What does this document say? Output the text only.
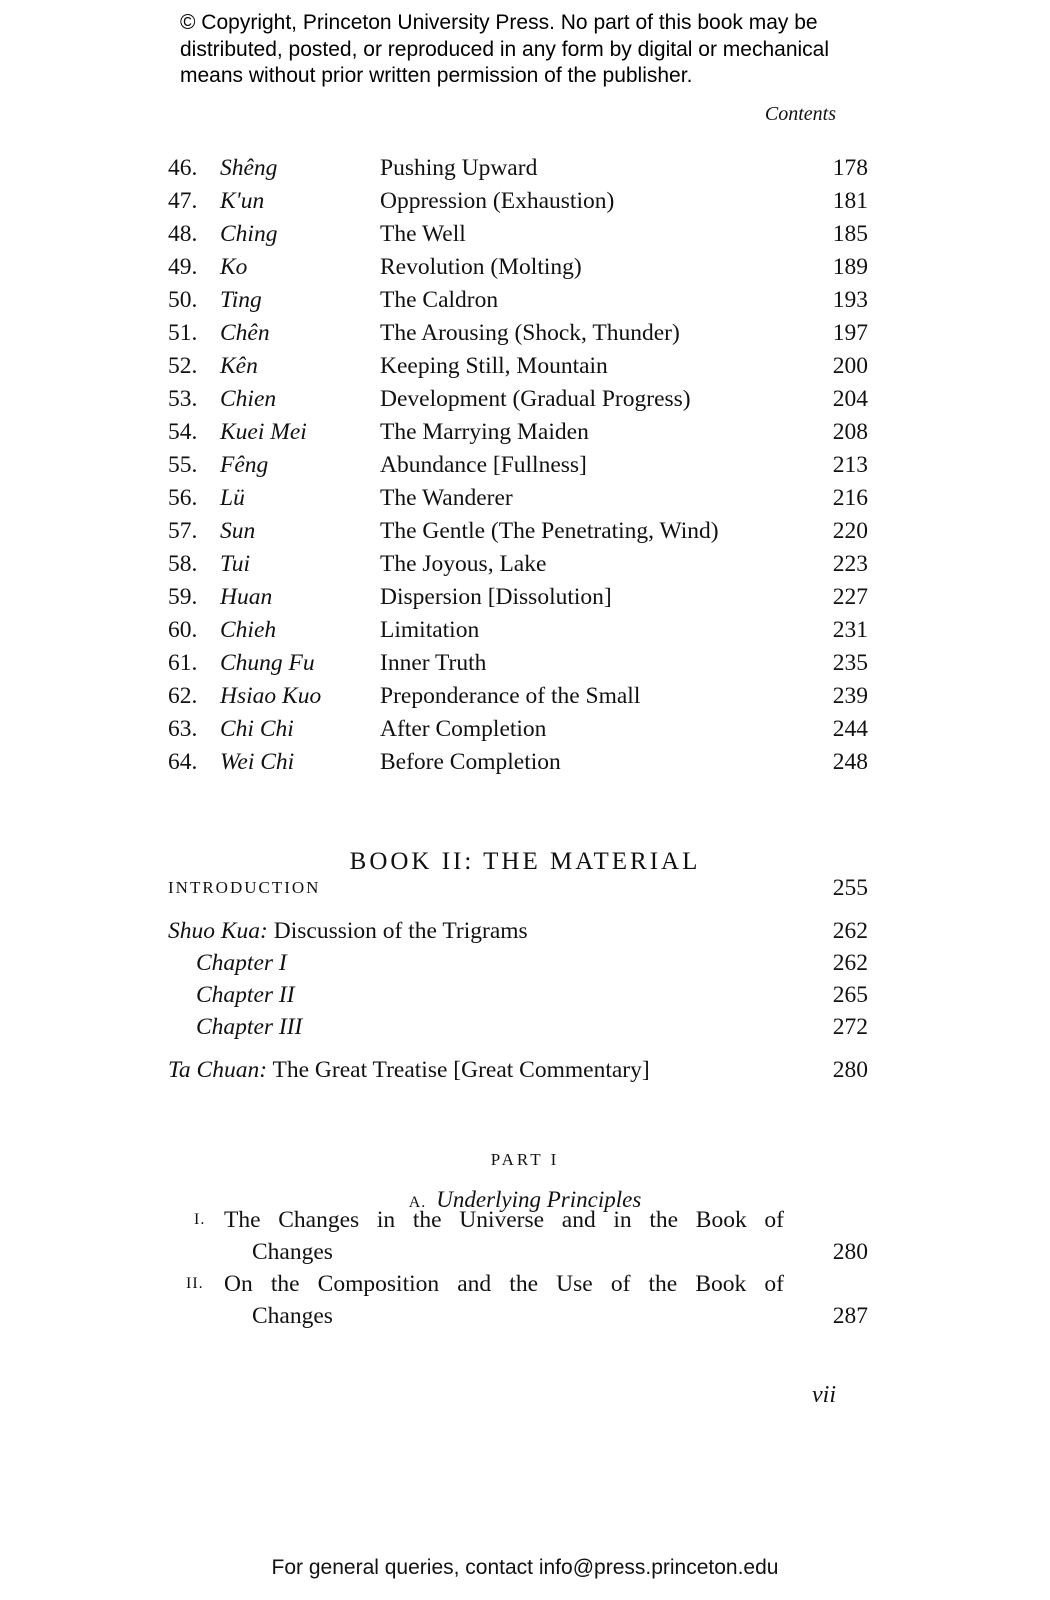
© Copyright, Princeton University Press. No part of this book may be
distributed, posted, or reproduced in any form by digital or mechanical
means without prior written permission of the publisher.
Contents
46. Shêng	Pushing Upward	178
47. K'un	Oppression (Exhaustion)	181
48. Ching	The Well	185
49. Ko	Revolution (Molting)	189
50. Ting	The Caldron	193
51. Chên	The Arousing (Shock, Thunder)	197
52. Kên	Keeping Still, Mountain	200
53. Chien	Development (Gradual Progress)	204
54. Kuei Mei	The Marrying Maiden	208
55. Fêng	Abundance [Fullness]	213
56. Lü	The Wanderer	216
57. Sun	The Gentle (The Penetrating, Wind)	220
58. Tui	The Joyous, Lake	223
59. Huan	Dispersion [Dissolution]	227
60. Chieh	Limitation	231
61. Chung Fu	Inner Truth	235
62. Hsiao Kuo	Preponderance of the Small	239
63. Chi Chi	After Completion	244
64. Wei Chi	Before Completion	248
BOOK II: THE MATERIAL
INTRODUCTION	255
Shuo Kua: Discussion of the Trigrams	262
Chapter I	262
Chapter II	265
Chapter III	272
Ta Chuan: The Great Treatise [Great Commentary]	280
PART I
A. Underlying Principles
I. The Changes in the Universe and in the Book of
Changes	280
II. On the Composition and the Use of the Book of
Changes	287
vii
For general queries, contact info@press.princeton.edu
